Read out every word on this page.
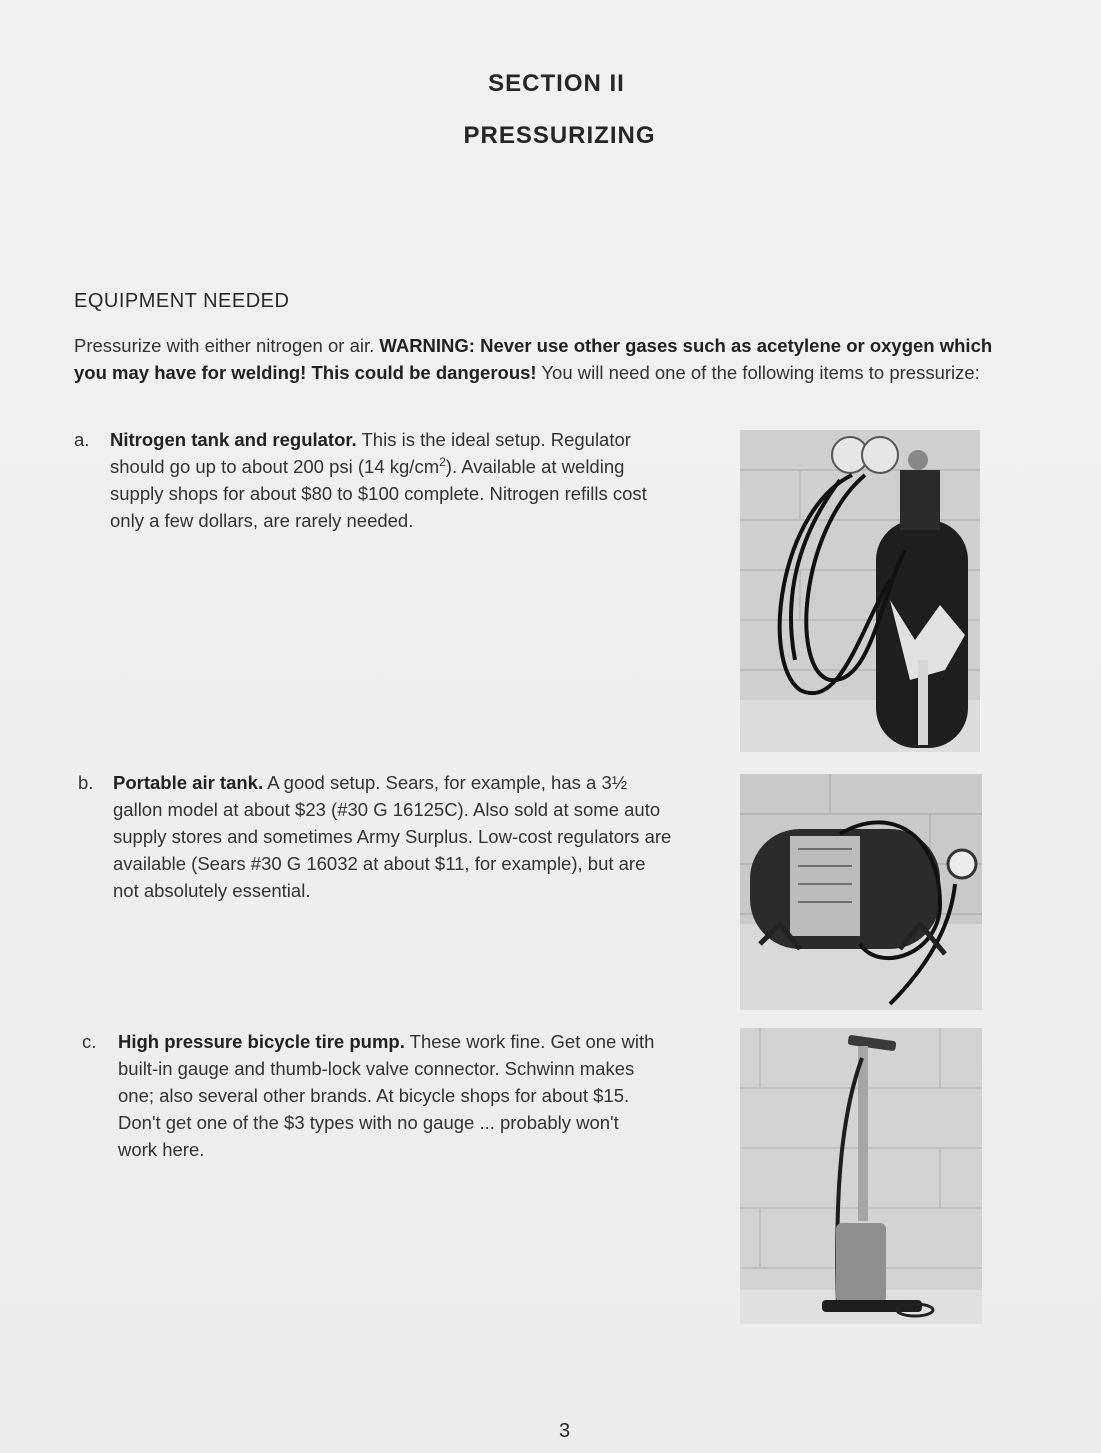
SECTION II
PRESSURIZING
EQUIPMENT NEEDED
Pressurize with either nitrogen or air. WARNING: Never use other gases such as acetylene or oxygen which you may have for welding! This could be dangerous! You will need one of the following items to pressurize:
a. Nitrogen tank and regulator. This is the ideal setup. Regulator should go up to about 200 psi (14 $kg/cm^2$). Available at welding supply shops for about $80 to $100 complete. Nitrogen refills cost only a few dollars, are rarely needed.
b. Portable air tank. A good setup. Sears, for example, has a 3½ gallon model at about $23 (#30 G 16125C). Also sold at some auto supply stores and sometimes Army Surplus. Low-cost regulators are available (Sears #30 G 16032 at about $11, for example), but are not absolutely essential.
c. High pressure bicycle tire pump. These work fine. Get one with built-in gauge and thumb-lock valve connector. Schwinn makes one; also several other brands. At bicycle shops for about $15. Don't get one of the $3 types with no gauge ... probably won't work here.
3
